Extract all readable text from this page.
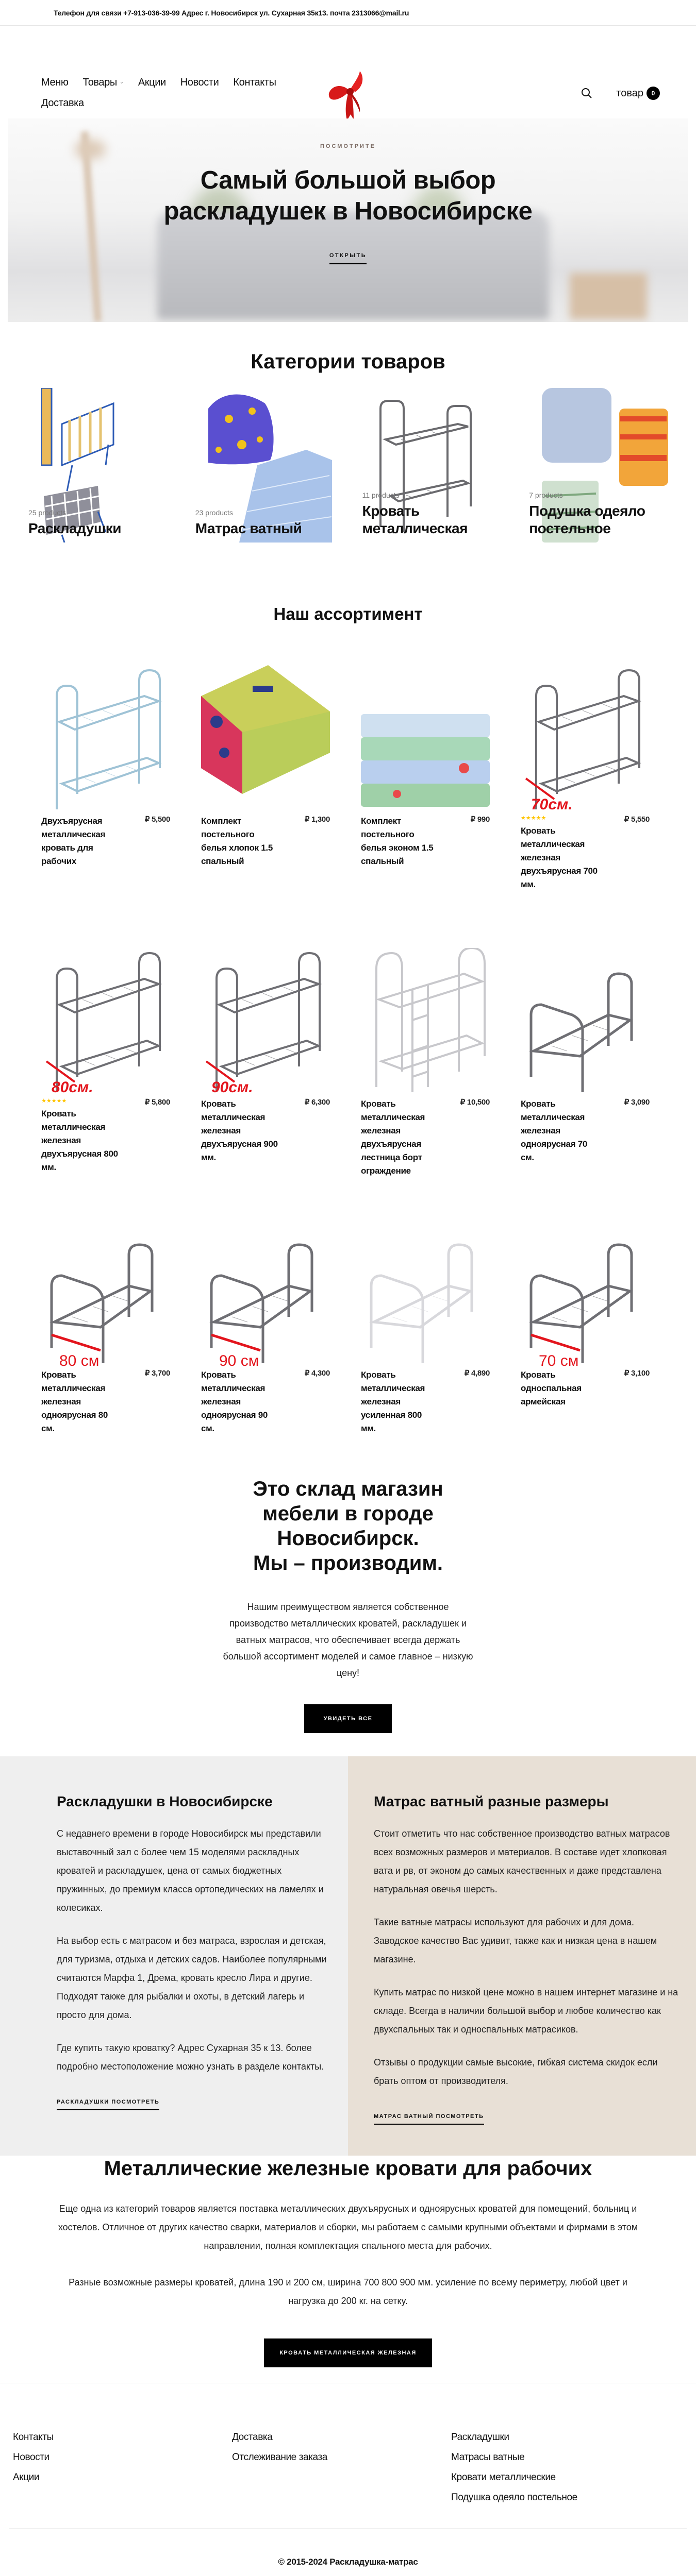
Телефон для связи +7-913-036-39-99 Адрес г. Новосибирск ул. Сухарная 35к13. почта 2313066@mail.ru
Меню Товары ⌄ Акции Новости Контакты
Доставка
товар	0
ПОСМОТРИТЕ
Самый большой выбор
раскладушек в Новосибирске
ОТКРЫТЬ
Категории товаров
25 products
Раскладушки
23 products
Матрас ватный
11 products
Кровать металлическая
7 products
Подушка одеяло постельное
Наш ассортимент
Двухъярусная металлическая кровать для рабочих
₽ 5,500	Комплект постельного белья хлопок 1.5 спальный
₽ 1,300	Комплект постельного белья эконом 1.5 спальный
₽ 990
70см.
★★★★★
Кровать металлическая железная двухъярусная 700 мм.
₽ 5,550
80см.
★★★★★
Кровать металлическая железная двухъярусная 800 мм.
₽ 5,800
90см.
Кровать металлическая железная двухъярусная 900 мм.
₽ 6,300	Кровать металлическая железная двухъярусная лестница борт ограждение
₽ 10,500	Кровать металлическая железная одноярусная 70 см.
₽ 3,090
80 см
Кровать металлическая железная одноярусная 80 см.
₽ 3,700
90 см
Кровать металлическая железная одноярусная 90 см.
₽ 4,300	Кровать металлическая железная усиленная 800 мм.
₽ 4,890
70 см
Кровать односпальная армейская
₽ 3,100
Это склад магазин
мебели в городе
Новосибирск.
Мы – производим.

Нашим преимуществом является собственное производство металлических кроватей, раскладушек и ватных матрасов, что обеспечивает всегда держать большой ассортимент моделей и самое главное – низкую цену!

УВИДЕТЬ ВСЕ
Раскладушки в Новосибирске

С недавнего времени в городе Новосибирск мы представили выставочный зал с более чем 15 моделями раскладных кроватей и раскладушек, цена от самых бюджетных пружинных, до премиум класса ортопедических на ламелях и колесиках.

На выбор есть с матрасом и без матраса, взрослая и детская, для туризма, отдыха и детских садов. Наиболее популярными считаются Марфа 1, Дрема, кровать кресло Лира и другие. Подходят также для рыбалки и охоты, в детский лагерь и просто для дома.

Где купить такую кроватку? Адрес Сухарная 35 к 13. более подробно местоположение можно узнать в разделе контакты.

РАСКЛАДУШКИ ПОСМОТРЕТЬ
Матрас ватный разные размеры

Стоит отметить что нас собственное производство ватных матрасов всех возможных размеров и материалов. В составе идет хлопковая вата и рв, от эконом до самых качественных и даже представлена натуральная овечья шерсть.

Такие ватные матрасы используют для рабочих и для дома. Заводское качество Вас удивит, также как и низкая цена в нашем магазине.

Купить матрас по низкой цене можно в нашем интернет магазине и на складе. Всегда в наличии большой выбор и любое количество как двухспальных так и односпальных матрасиков.

Отзывы о продукции самые высокие, гибкая система скидок если брать оптом от производителя.

МАТРАС ВАТНЫЙ ПОСМОТРЕТЬ
Металлические железные кровати для рабочих

Еще одна из категорий товаров является поставка металлических двухъярусных и одноярусных кроватей для помещений, больниц и хостелов. Отличное от других качество сварки, материалов и сборки, мы работаем с самыми крупными объектами и фирмами в этом направлении, полная комплектация спального места для рабочих.

Разные возможные размеры кроватей, длина 190 и 200 см, ширина 700 800 900 мм. усиление по всему периметру, любой цвет и нагрузка до 200 кг. на сетку.

КРОВАТЬ МЕТАЛЛИЧЕСКАЯ ЖЕЛЕЗНАЯ
Контакты
Новости
Акции
Доставка
Отслеживание заказа
Раскладушки
Матрасы ватные
Кровати металлические
Подушка одеяло постельное
© 2015-2024 Раскладушка-матрас
